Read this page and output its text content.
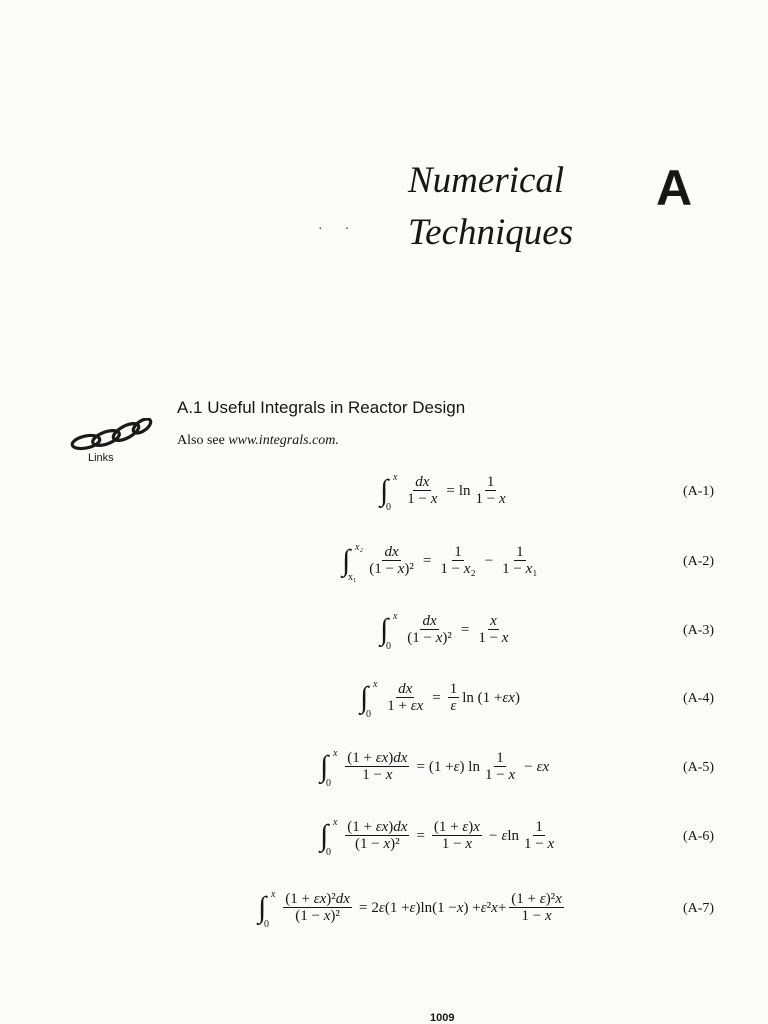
Numerical
Techniques
A
··
Links
A.1 Useful Integrals in Reactor Design
Also see www.integrals.com.
∫ x
$0 \frac{dx}{1 - x} = \ln \frac{1}{1 - x}$	(A-1)
∫ x₂
$x_1 \frac{dx}{\text{(1 − x)²}} = \frac{1}{\text{1 − x₂}} - \frac{1}{\text{1 − x₁}}$	(A-2)
∫ x
$0 \frac{dx}{\text{(1 − x)²}} = \frac{x}{1 - x}$	(A-3)
∫ x
$0 \frac{dx}{1 + \varepsilon x} = \frac{1}{\varepsilon}$ ln (1 + εx )	(A-4)
∫ x
$0 \frac{(1 + \varepsilon x)dx}{1 - x} = (1 + \varepsilon$ ) $\ln \frac{1}{1 - x} - \varepsilon x$	(A-5)
∫ x
$0 \frac{(1 + \varepsilon x)dx}{\text{(1 − x)²}} = \frac{(1 + \varepsilon)x}{1 - x} - \varepsilon$ $\ln \frac{1}{1 - x}$	(A-6)
∫ x
$0 \frac{\text{(1 + εx)²dx}}{\text{(1 − x)²}} = 2$ ε (1 + ε )ln(1 − x ) + ε ² $x + \frac{\text{(1 + ε)²x}}{1 - x}$	(A-7)
1009
